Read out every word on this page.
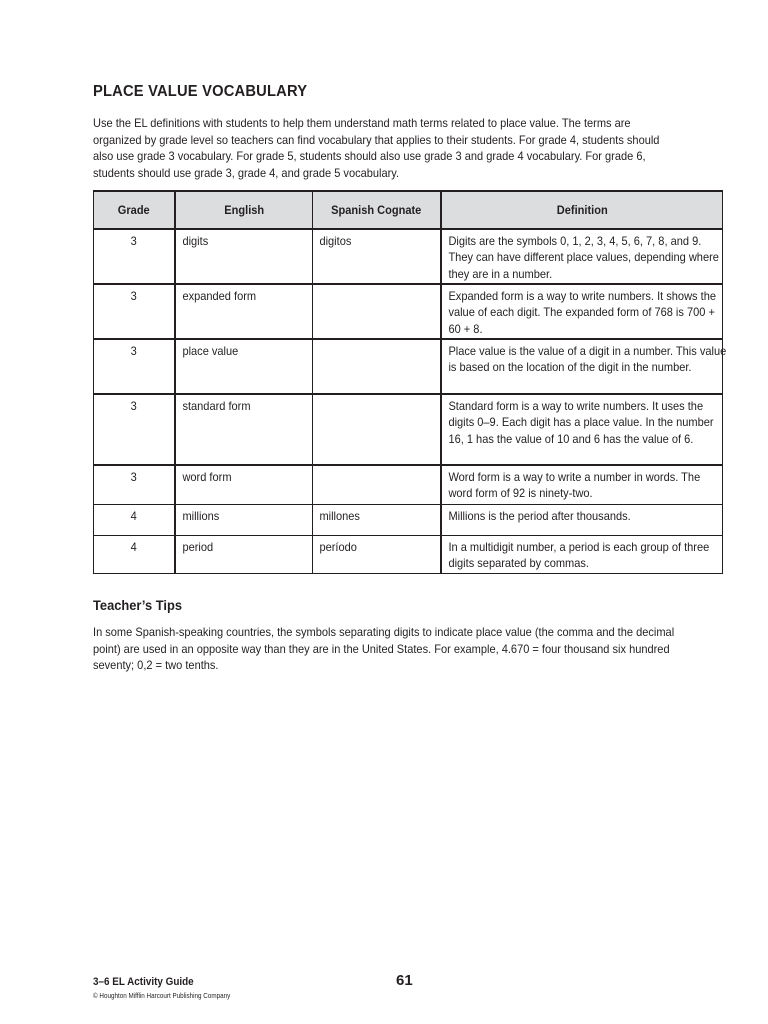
PLACE VALUE VOCABULARY

Use the EL definitions with students to help them understand math terms related to place value. The terms are organized by grade level so teachers can find vocabulary that applies to their students. For grade 4, students should also use grade 3 vocabulary. For grade 5, students should also use grade 3 and grade 4 vocabulary. For grade 6, students should use grade 3, grade 4, and grade 5 vocabulary.

Grade	English	Spanish Cognate	Definition

3	digits	digitos	Digits are the symbols 0, 1, 2, 3, 4, 5, 6, 7, 8, and 9. They can have different place values, depending where they are in a number.

3	expanded form		Expanded form is a way to write numbers. It shows the value of each digit. The expanded form of 768 is 700 + 60 + 8.

3	place value		Place value is the value of a digit in a number. This value is based on the location of the digit in the number.

3	standard form		Standard form is a way to write numbers. It uses the digits 0–9. Each digit has a place value. In the number 16, 1 has the value of 10 and 6 has the value of 6.

3	word form		Word form is a way to write a number in words. The word form of 92 is ninety-two.

4	millions	millones	Millions is the period after thousands.

4	period	período	In a multidigit number, a period is each group of three digits separated by commas.
Teacher’s Tips

In some Spanish-speaking countries, the symbols separating digits to indicate place value (the comma and the decimal point) are used in an opposite way than they are in the United States. For example, 4.670 = four thousand six hundred seventy; 0,2 = two tenths.

3–6 EL Activity Guide
© Houghton Mifflin Harcourt Publishing Company
61
